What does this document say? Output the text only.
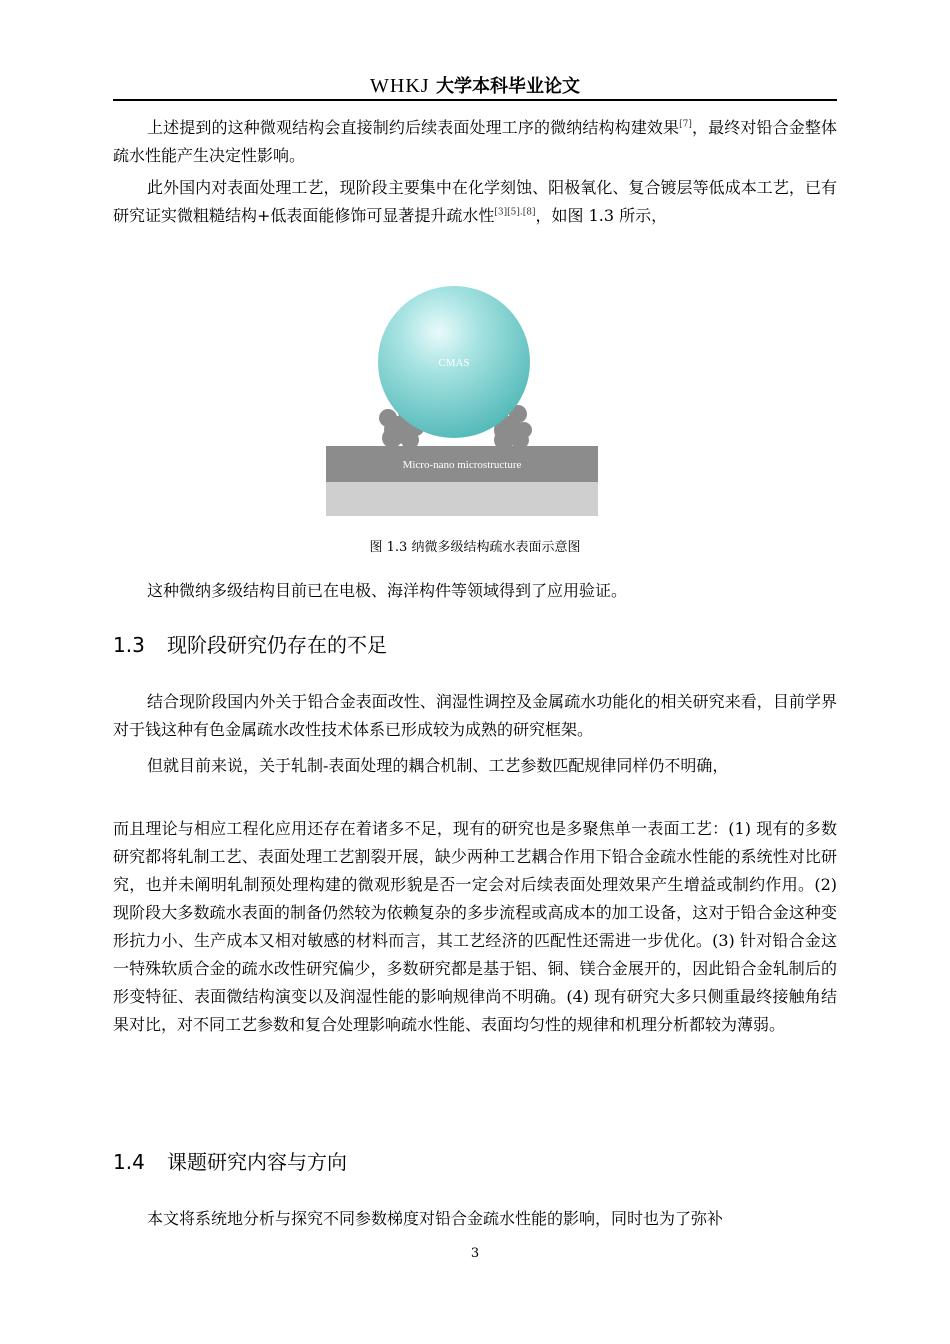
WHKJ 大学本科毕业论文
上述提到的这种微观结构会直接制约后续表面处理工序的微纳结构构建效果[7]，最终对铅合金整体疏水性能产生决定性影响。
此外国内对表面处理工艺，现阶段主要集中在化学刻蚀、阳极氧化、复合镀层等低成本工艺，已有研究证实微粗糙结构+低表面能修饰可显著提升疏水性[3][5].[8]，如图 1.3 所示，
CMAS
Micro-nano microstructure
图 1.3 纳微多级结构疏水表面示意图
这种微纳多级结构目前已在电极、海洋构件等领域得到了应用验证。
1.3 现阶段研究仍存在的不足
结合现阶段国内外关于铅合金表面改性、润湿性调控及金属疏水功能化的相关研究来看，目前学界对于钱这种有色金属疏水改性技术体系已形成较为成熟的研究框架。
但就目前来说，关于轧制-表面处理的耦合机制、工艺参数匹配规律同样仍不明确，
而且理论与相应工程化应用还存在着诸多不足，现有的研究也是多聚焦单一表面工艺：(1) 现有的多数研究都将轧制工艺、表面处理工艺割裂开展，缺少两种工艺耦合作用下铅合金疏水性能的系统性对比研究，也并未阐明轧制预处理构建的微观形貌是否一定会对后续表面处理效果产生增益或制约作用。(2) 现阶段大多数疏水表面的制备仍然较为依赖复杂的多步流程或高成本的加工设备，这对于铅合金这种变形抗力小、生产成本又相对敏感的材料而言，其工艺经济的匹配性还需进一步优化。(3) 针对铅合金这一特殊软质合金的疏水改性研究偏少，多数研究都是基于铝、铜、镁合金展开的，因此铅合金轧制后的形变特征、表面微结构演变以及润湿性能的影响规律尚不明确。(4) 现有研究大多只侧重最终接触角结果对比，对不同工艺参数和复合处理影响疏水性能、表面均匀性的规律和机理分析都较为薄弱。
1.4 课题研究内容与方向
本文将系统地分析与探究不同参数梯度对铅合金疏水性能的影响，同时也为了弥补
3
